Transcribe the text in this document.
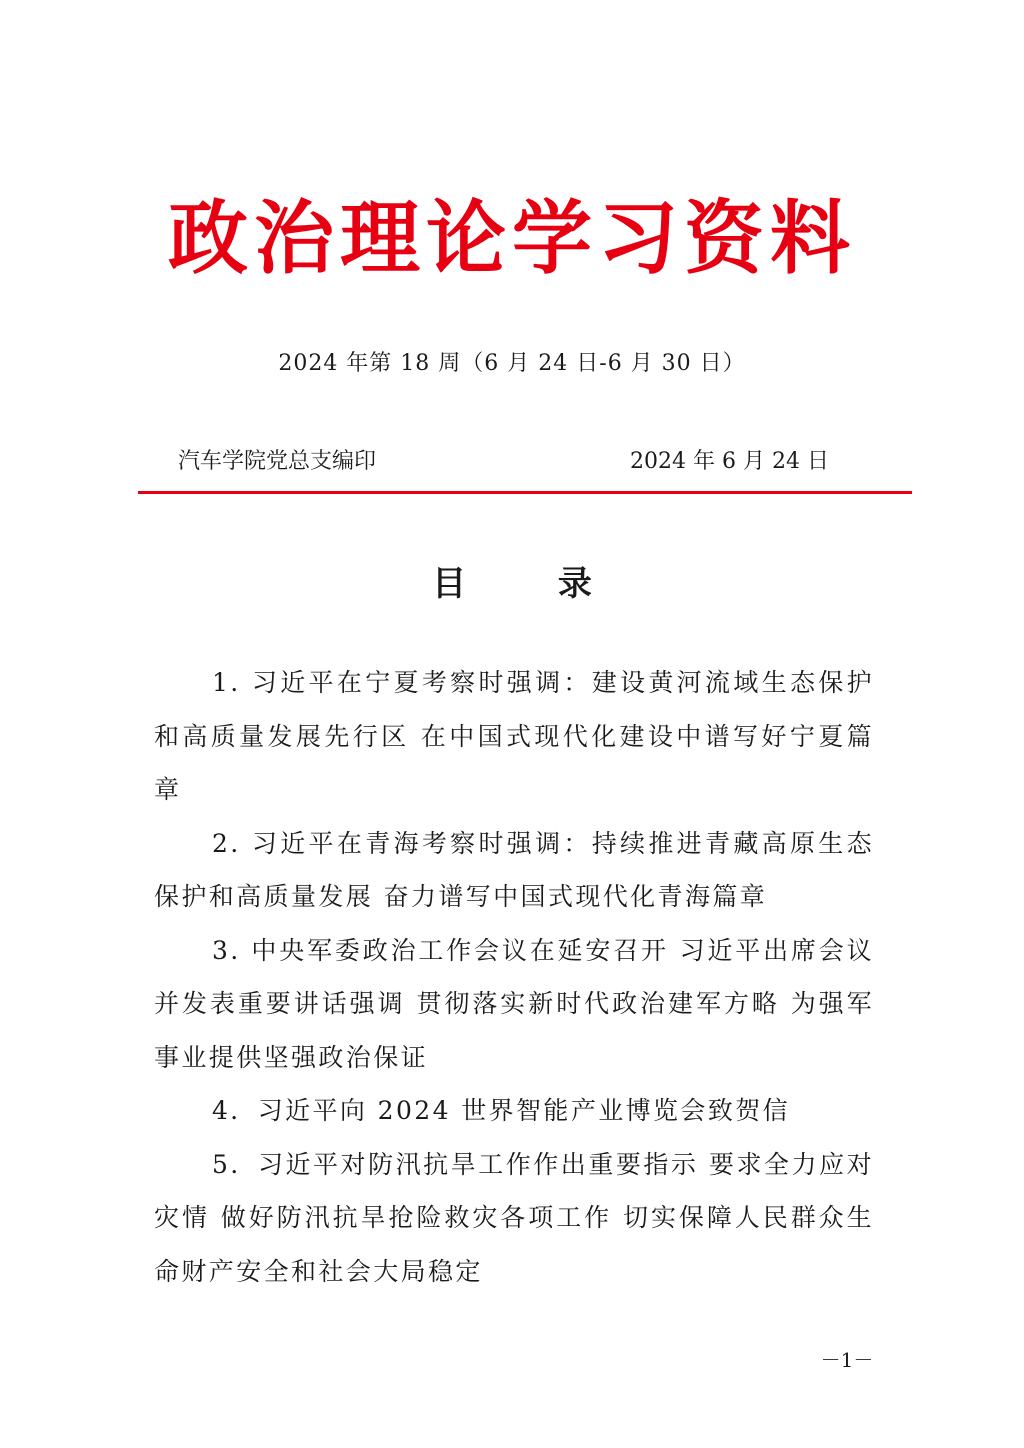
政治理论学习资料
2024 年第 18 周（6 月 24 日-6 月 30 日）
汽车学院党总支编印	2024 年 6 月 24 日
目 录

1. 习近平在宁夏考察时强调：建设黄河流域生态保护和高质量发展先行区 在中国式现代化建设中谱写好宁夏篇章

2. 习近平在青海考察时强调：持续推进青藏高原生态保护和高质量发展 奋力谱写中国式现代化青海篇章

3. 中央军委政治工作会议在延安召开 习近平出席会议并发表重要讲话强调 贯彻落实新时代政治建军方略 为强军事业提供坚强政治保证

4．习近平向 2024 世界智能产业博览会致贺信

5．习近平对防汛抗旱工作作出重要指示 要求全力应对灾情 做好防汛抗旱抢险救灾各项工作 切实保障人民群众生命财产安全和社会大局稳定

－1－
